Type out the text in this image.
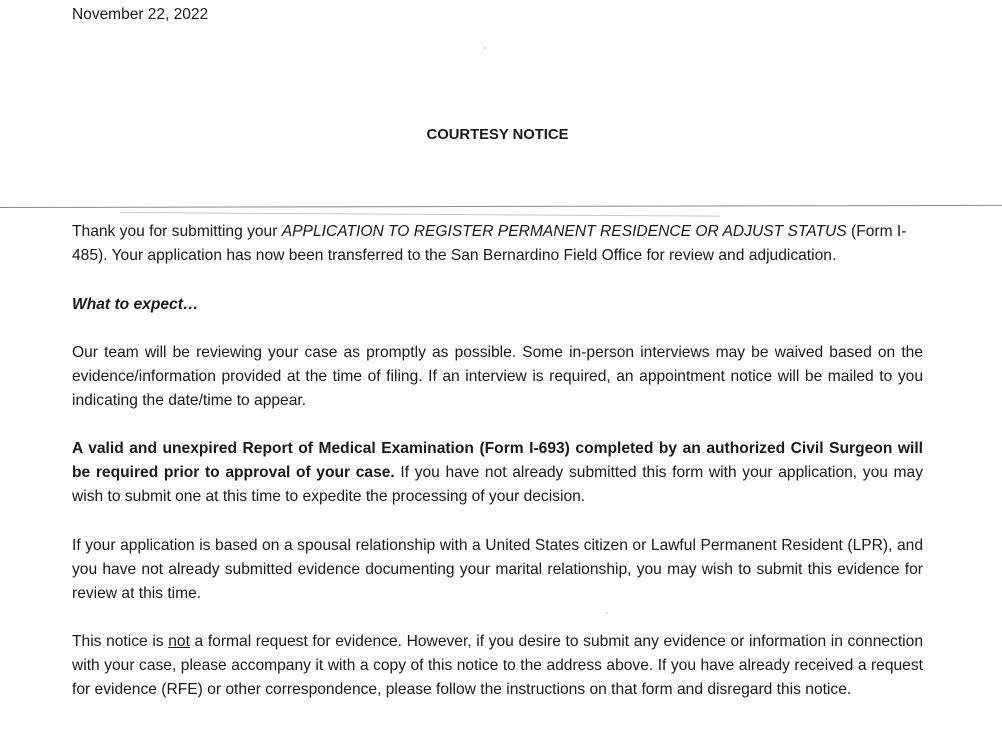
November 22, 2022
COURTESY NOTICE

Thank you for submitting your APPLICATION TO REGISTER PERMANENT RESIDENCE OR ADJUST STATUS (Form I-485). Your application has now been transferred to the San Bernardino Field Office for review and adjudication.

What to expect…

Our team will be reviewing your case as promptly as possible. Some in-person interviews may be waived based on the evidence/information provided at the time of filing. If an interview is required, an appointment notice will be mailed to you indicating the date/time to appear.

A valid and unexpired Report of Medical Examination (Form I-693) completed by an authorized Civil Surgeon will be required prior to approval of your case. If you have not already submitted this form with your application, you may wish to submit one at this time to expedite the processing of your decision.

If your application is based on a spousal relationship with a United States citizen or Lawful Permanent Resident (LPR), and you have not already submitted evidence documenting your marital relationship, you may wish to submit this evidence for review at this time.

This notice is not a formal request for evidence. However, if you desire to submit any evidence or information in connection with your case, please accompany it with a copy of this notice to the address above. If you have already received a request for evidence (RFE) or other correspondence, please follow the instructions on that form and disregard this notice.
